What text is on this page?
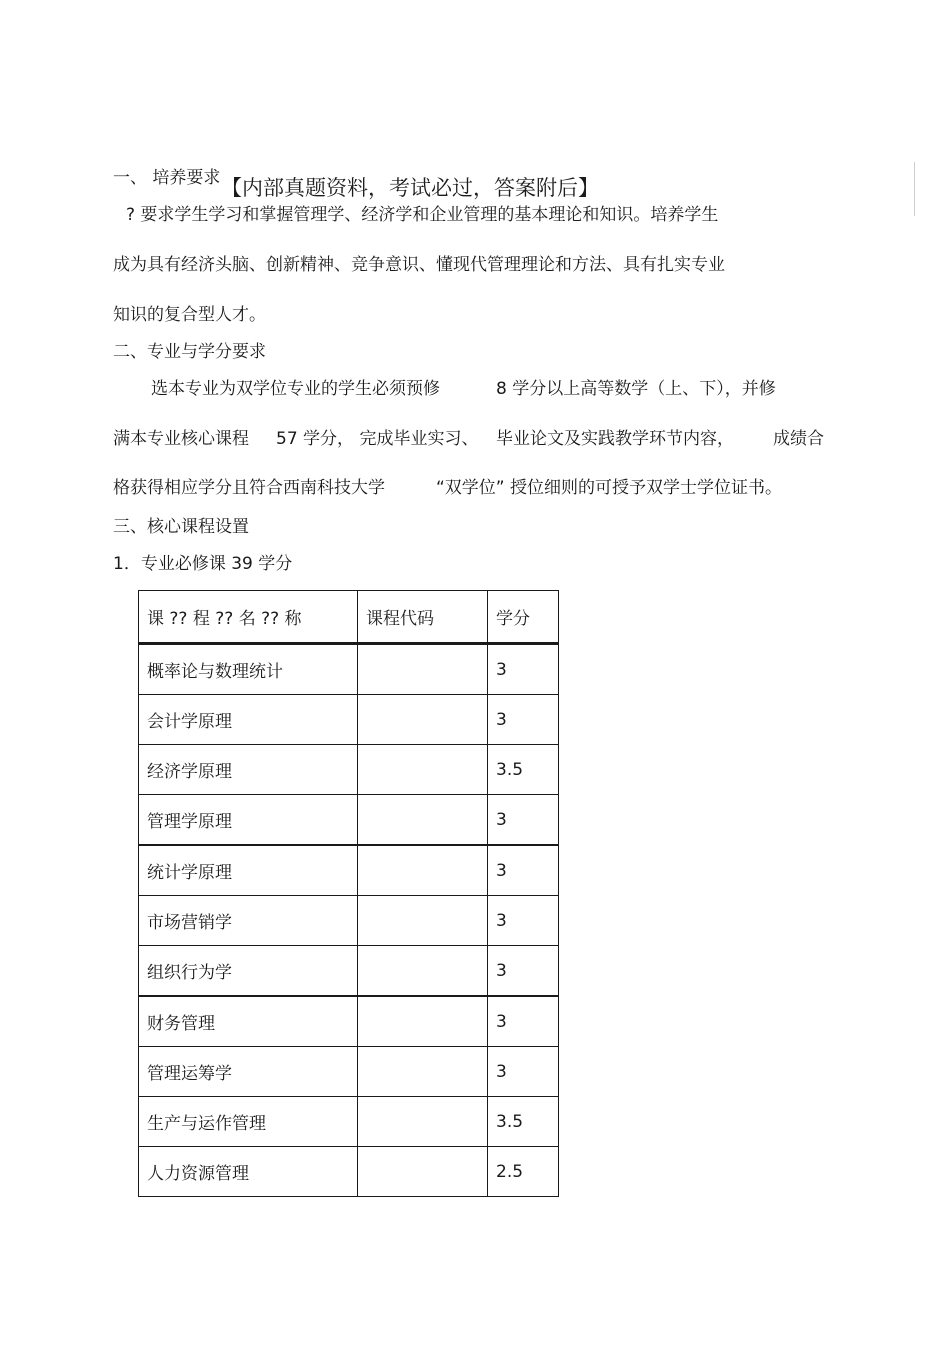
一、 培养要求 【内部真题资料，考试必过，答案附后】
? 要求学生学习和掌握管理学、经济学和企业管理的基本理论和知识。培养学生
成为具有经济头脑、创新精神、竞争意识、懂现代管理理论和方法、具有扎实专业
知识的复合型人才。
二、专业与学分要求
选本专业为双学位专业的学生必须预修	8 学分以上高等数学（上、下），并修
满本专业核心课程 57 学分， 完成毕业实习、 毕业论文及实践教学环节内容， 成绩合
格获得相应学分且符合西南科技大学	“双学位” 授位细则的可授予双学士学位证书。
三、核心课程设置
1．专业必修课 39 学分
课 ?? 程 ?? 名 ?? 称	课程代码	学分
概率论与数理统计		3
会计学原理		3
经济学原理		3.5
管理学原理		3
统计学原理		3
市场营销学		3
组织行为学		3
财务管理		3
管理运筹学		3
生产与运作管理		3.5
人力资源管理		2.5
